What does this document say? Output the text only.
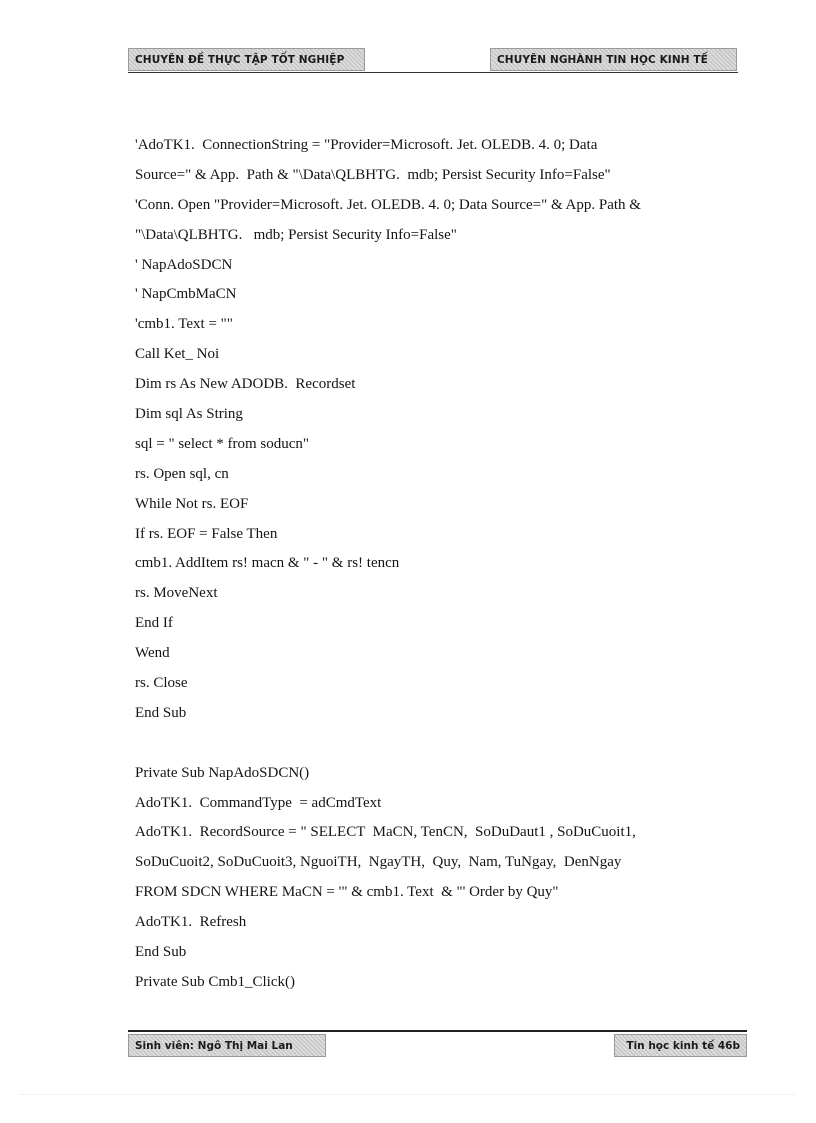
CHUYÊN ĐỀ THỰC TẬP TỐT NGHIỆP	CHUYÊN NGHÀNH TIN HỌC KINH TẾ
'AdoTK1.  ConnectionString = "Provider=Microsoft. Jet. OLEDB. 4. 0; Data
Source=" & App.  Path & "\Data\QLBHTG.  mdb; Persist Security Info=False"
'Conn. Open "Provider=Microsoft. Jet. OLEDB. 4. 0; Data Source=" & App. Path &
"\Data\QLBHTG.   mdb; Persist Security Info=False"
' NapAdoSDCN
' NapCmbMaCN
'cmb1. Text = ""
Call Ket_ Noi
Dim rs As New ADODB.  Recordset
Dim sql As String
sql = " select * from soducn"
rs. Open sql, cn
While Not rs. EOF
If rs. EOF = False Then
cmb1. AddItem rs! macn & " - " & rs! tencn
rs. MoveNext
End If
Wend
rs. Close
End Sub
Private Sub NapAdoSDCN()
AdoTK1.  CommandType  = adCmdText
AdoTK1.  RecordSource = " SELECT  MaCN, TenCN,  SoDuDaut1 , SoDuCuoit1,
SoDuCuoit2, SoDuCuoit3, NguoiTH,  NgayTH,  Quy,  Nam, TuNgay,  DenNgay
FROM SDCN WHERE MaCN = '" & cmb1. Text  & "' Order by Quy"
AdoTK1.  Refresh
End Sub
Private Sub Cmb1_Click()
Sinh viên: Ngô Thị Mai Lan	Tin học kinh tế 46b
